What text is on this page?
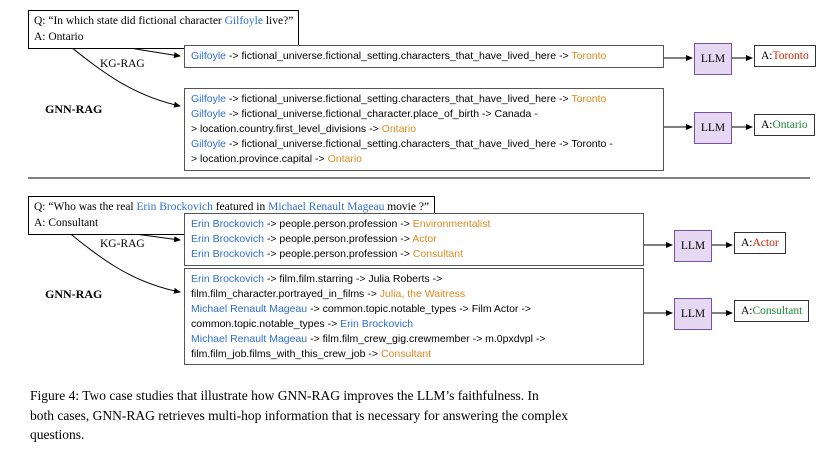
Q: “In which state did fictional character Gilfoyle live?”
A: Ontario
KG-RAG
GNN-RAG
Gilfoyle -> fictional_universe.fictional_setting.characters_that_have_lived_here -> Toronto	LLM	A: Toronto
Gilfoyle -> fictional_universe.fictional_setting.characters_that_have_lived_here -> Toronto
Gilfoyle -> fictional_universe.fictional_character.place_of_birth -> Canada -
> location.country.first_level_divisions -> Ontario
Gilfoyle -> fictional_universe.fictional_setting.characters_that_have_lived_here -> Toronto -
> location.province.capital -> Ontario
LLM	A: Ontario
Q: “Who was the real Erin Brockovich featured in Michael Renault Mageau movie ?”
A: Consultant
KG-RAG
GNN-RAG
Erin Brockovich -> people.person.profession -> Environmentalist
Erin Brockovich -> people.person.profession -> Actor
Erin Brockovich -> people.person.profession -> Consultant
LLM	A: Actor
Erin Brockovich -> film.film.starring -> Julia Roberts ->
film.film_character.portrayed_in_films -> Julia, the Waitress
Michael Renault Mageau -> common.topic.notable_types -> Film Actor ->
common.topic.notable_types -> Erin Brockovich
Michael Renault Mageau -> film.film_crew_gig.crewmember -> m.0pxdvpl ->
film.film_job.films_with_this_crew_job -> Consultant
LLM	A: Consultant
Figure 4: Two case studies that illustrate how GNN-RAG improves the LLM’s faithfulness. In
both cases, GNN-RAG retrieves multi-hop information that is necessary for answering the complex
questions.
